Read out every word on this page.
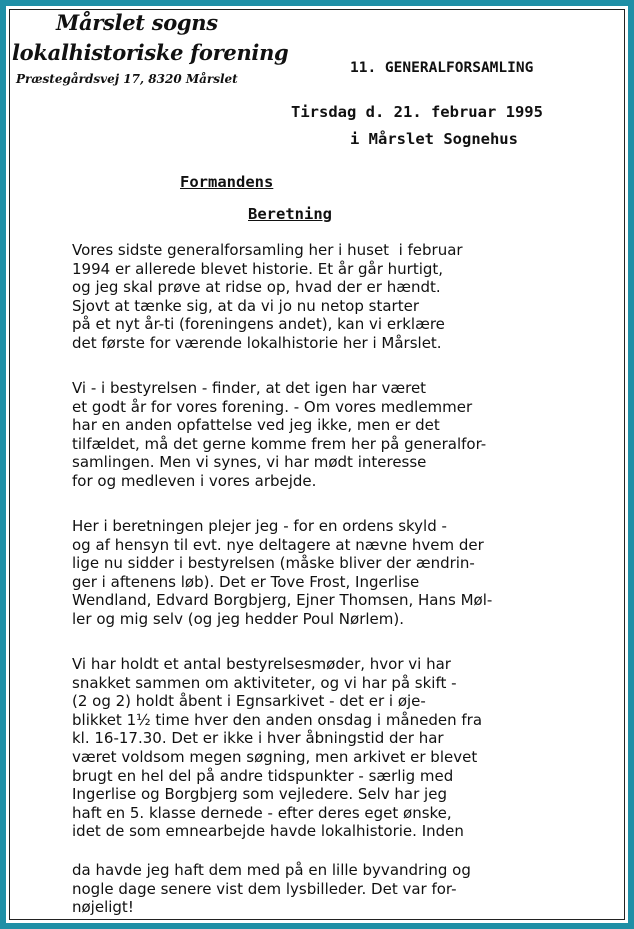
Mårslet sogns
lokalhistoriske forening
Præstegårdsvej 17, 8320 Mårslet
11. GENERALFORSAMLING
Tirsdag d. 21. februar 1995
i Mårslet Sognehus
Formandens
Beretning
Vores sidste generalforsamling her i huset  i februar
1994 er allerede blevet historie. Et år går hurtigt,
og jeg skal prøve at ridse op, hvad der er hændt.
Sjovt at tænke sig, at da vi jo nu netop starter
på et nyt år-ti (foreningens andet), kan vi erklære
det første for værende lokalhistorie her i Mårslet.
Vi - i bestyrelsen - finder, at det igen har været
et godt år for vores forening. - Om vores medlemmer
har en anden opfattelse ved jeg ikke, men er det
tilfældet, må det gerne komme frem her på generalfor-
samlingen. Men vi synes, vi har mødt interesse
for og medleven i vores arbejde.
Her i beretningen plejer jeg - for en ordens skyld -
og af hensyn til evt. nye deltagere at nævne hvem der
lige nu sidder i bestyrelsen (måske bliver der ændrin-
ger i aftenens løb). Det er Tove Frost, Ingerlise
Wendland, Edvard Borgbjerg, Ejner Thomsen, Hans Møl-
ler og mig selv (og jeg hedder Poul Nørlem).
Vi har holdt et antal bestyrelsesmøder, hvor vi har
snakket sammen om aktiviteter, og vi har på skift -
(2 og 2) holdt åbent i Egnsarkivet - det er i øje-
blikket 1½ time hver den anden onsdag i måneden fra
kl. 16-17.30. Det er ikke i hver åbningstid der har
været voldsom megen søgning, men arkivet er blevet
brugt en hel del på andre tidspunkter - særlig med
Ingerlise og Borgbjerg som vejledere. Selv har jeg
haft en 5. klasse dernede - efter deres eget ønske,
idet de som emnearbejde havde lokalhistorie. Inden
da havde jeg haft dem med på en lille byvandring og
nogle dage senere vist dem lysbilleder. Det var for-
nøjeligt!
